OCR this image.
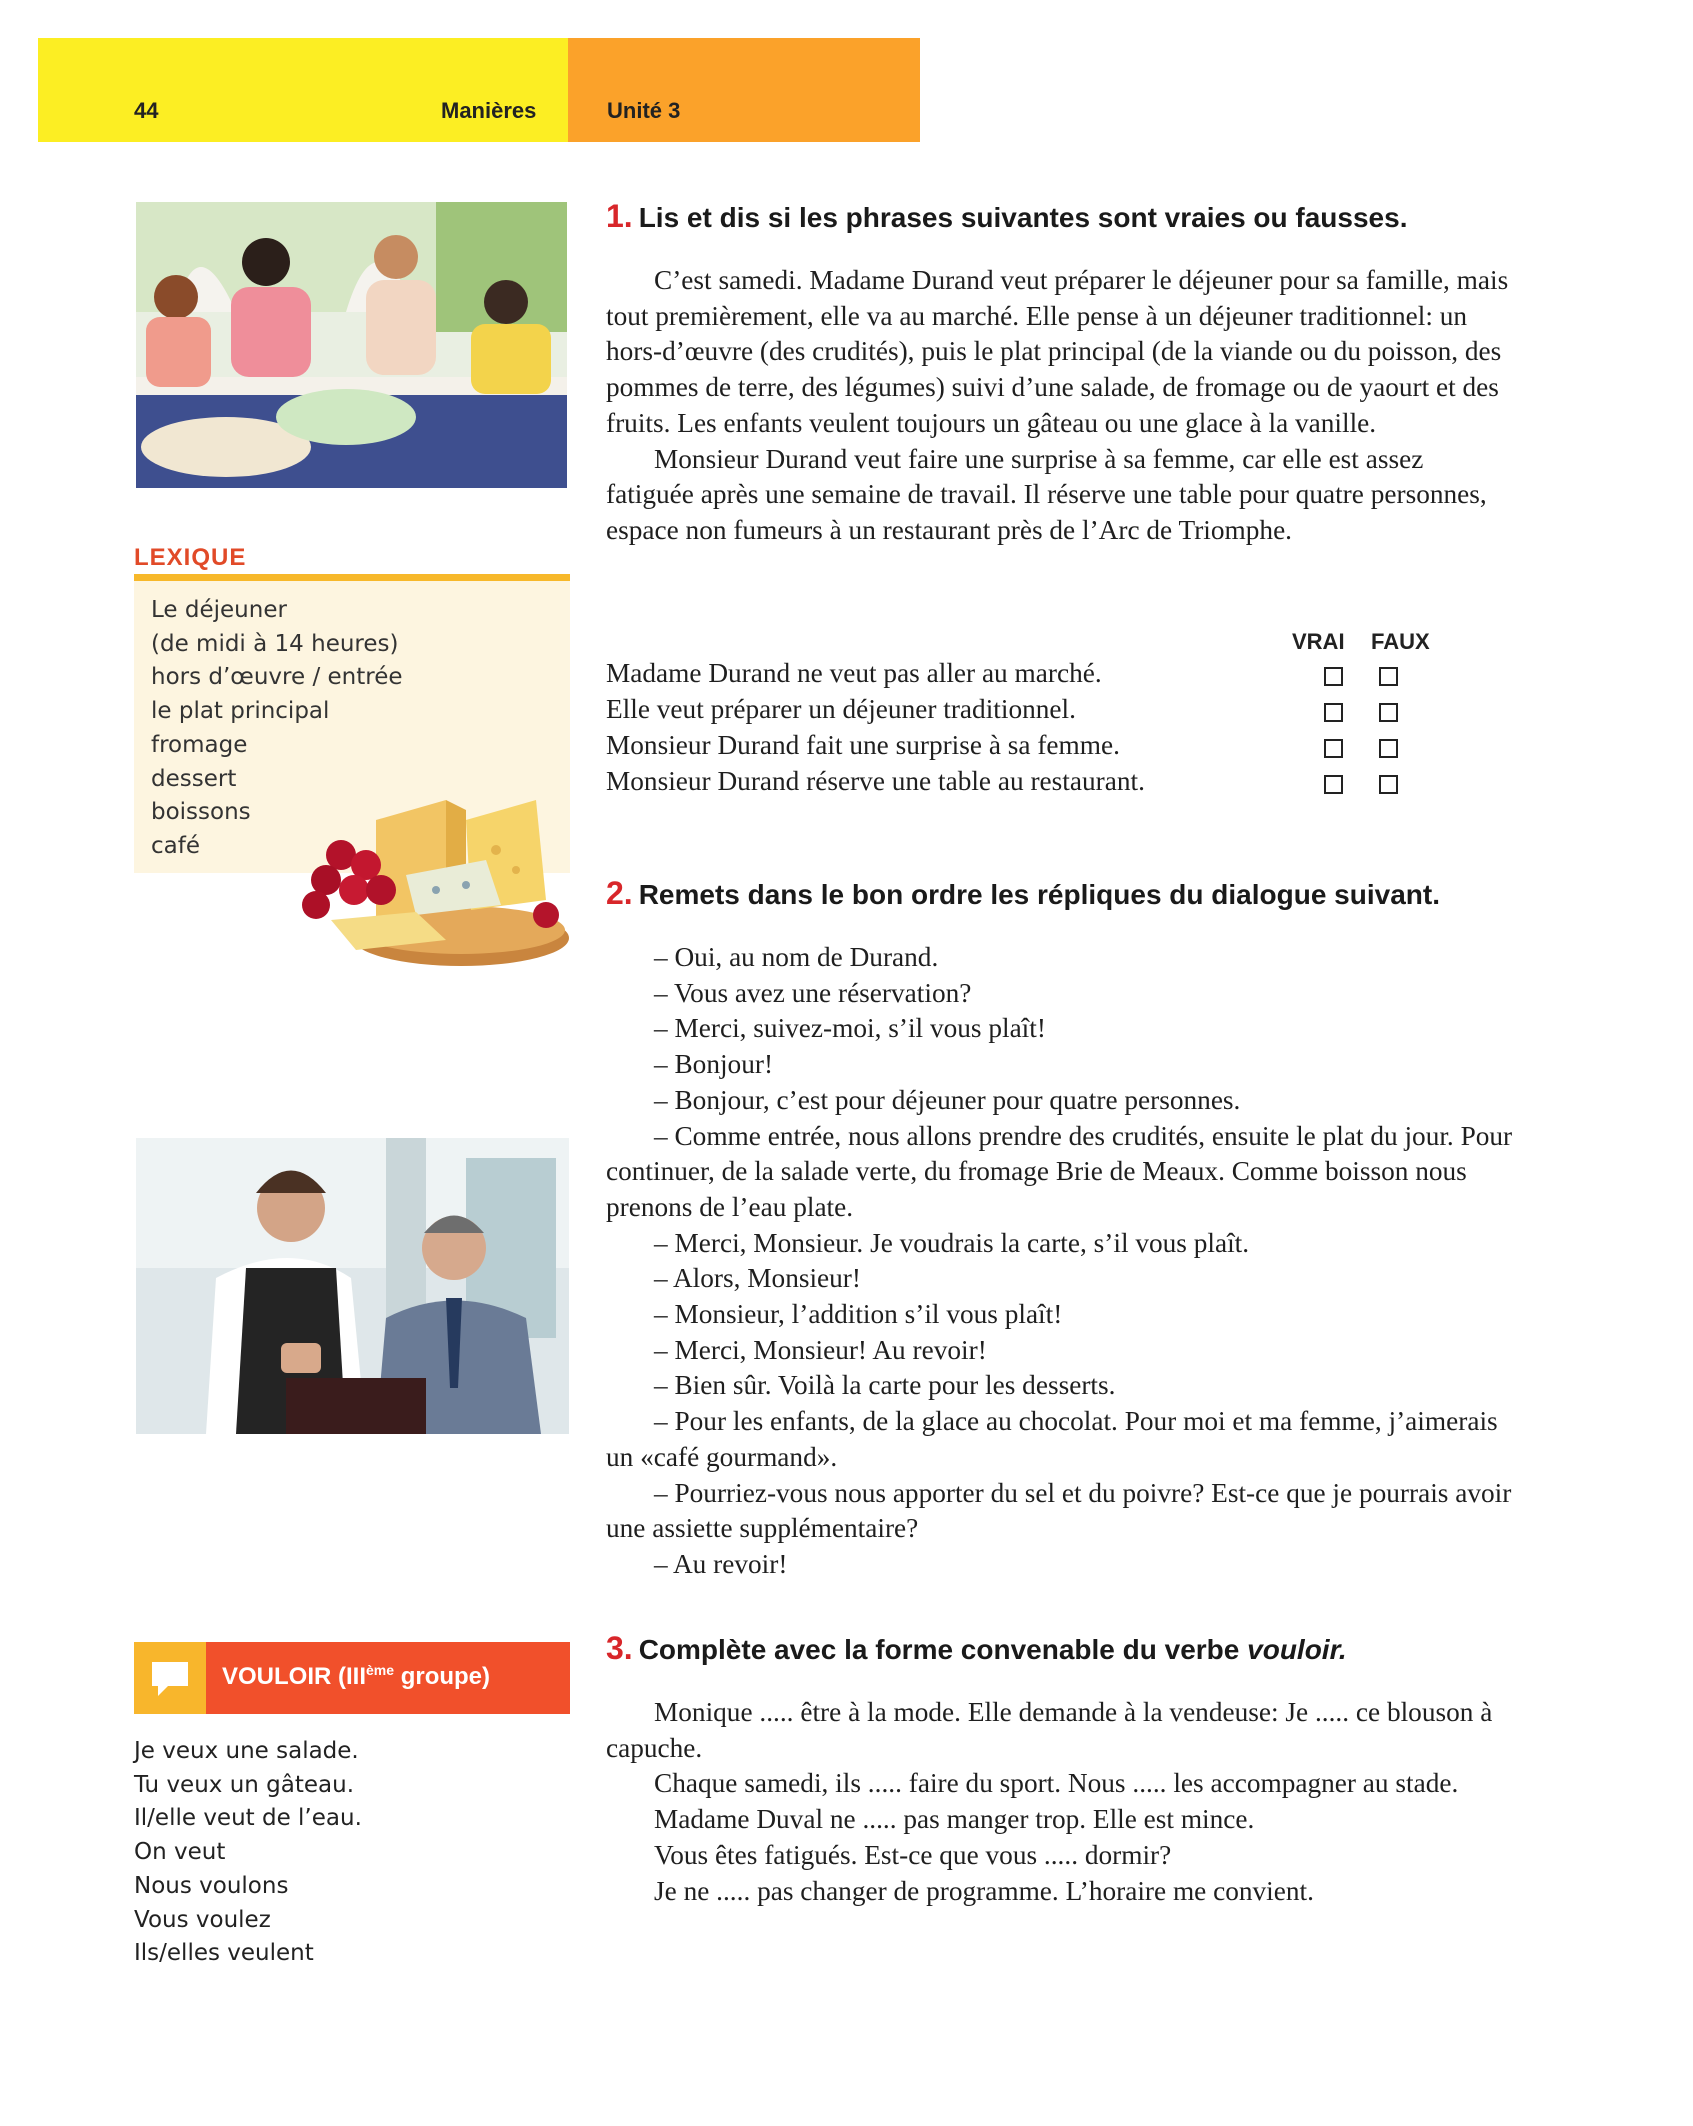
44	Manières	Unité 3
LEXIQUE
Le déjeuner
(de midi à 14 heures)
hors d’œuvre / entrée
le plat principal
fromage
dessert
boissons
café
1. Lis et dis si les phrases suivantes sont vraies ou fausses.

C’est samedi. Madame Durand veut préparer le déjeuner pour sa famille, mais tout premièrement, elle va au marché. Elle pense à un déjeuner traditionnel: un hors-d’œuvre (des crudités), puis le plat principal (de la viande ou du poisson, des pommes de terre, des légumes) suivi d’une salade, de fromage ou de yaourt et des fruits. Les enfants veulent toujours un gâteau ou une glace à la vanille.

Monsieur Durand veut faire une surprise à sa femme, car elle est assez fatiguée après une semaine de travail. Il réserve une table pour quatre personnes, espace non fumeurs à un restaurant près de l’Arc de Triomphe.

VRAI FAUX
Madame Durand ne veut pas aller au marché.
Elle veut préparer un déjeuner traditionnel.
Monsieur Durand fait une surprise à sa femme.
Monsieur Durand réserve une table au restaurant.
2. Remets dans le bon ordre les répliques du dialogue suivant.
– Oui, au nom de Durand.
– Vous avez une réservation?
– Merci, suivez-moi, s’il vous plaît!
– Bonjour!
– Bonjour, c’est pour déjeuner pour quatre personnes.
– Comme entrée, nous allons prendre des crudités, ensuite le plat du jour. Pour continuer, de la salade verte, du fromage Brie de Meaux. Comme boisson nous prenons de l’eau plate.
– Merci, Monsieur. Je voudrais la carte, s’il vous plaît.
– Alors, Monsieur!
– Monsieur, l’addition s’il vous plaît!
– Merci, Monsieur! Au revoir!
– Bien sûr. Voilà la carte pour les desserts.
– Pour les enfants, de la glace au chocolat. Pour moi et ma femme, j’aimerais un «café gourmand».
– Pourriez-vous nous apporter du sel et du poivre? Est-ce que je pourrais avoir une assiette supplémentaire?
– Au revoir!
3. Complète avec la forme convenable du verbe vouloir.

Monique ..... être à la mode. Elle demande à la vendeuse: Je ..... ce blouson à capuche.

Chaque samedi, ils ..... faire du sport. Nous ..... les accompagner au stade.

Madame Duval ne ..... pas manger trop. Elle est mince.

Vous êtes fatigués. Est-ce que vous ..... dormir?

Je ne ..... pas changer de programme. L’horaire me convient.

VOULOIR (IIIème groupe)
Je veux une salade.
Tu veux un gâteau.
Il/elle veut de l’eau.
On veut
Nous voulons
Vous voulez
Ils/elles veulent
